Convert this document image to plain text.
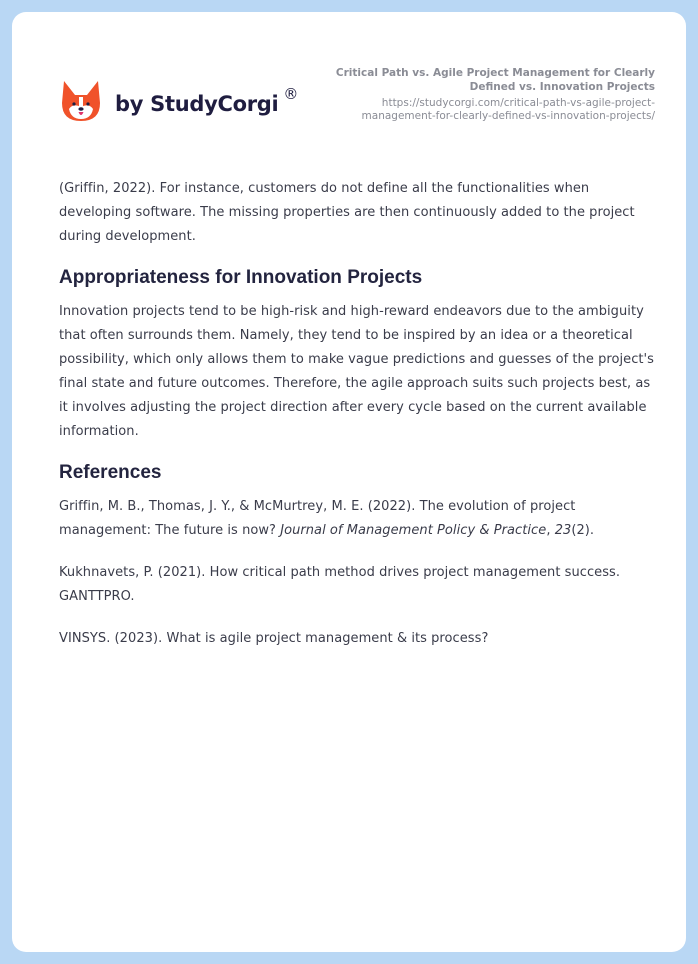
by StudyCorgi ®
Critical Path vs. Agile Project Management for Clearly Defined vs. Innovation Projects
https://studycorgi.com/critical-path-vs-agile-project-management-for-clearly-defined-vs-innovation-projects/

(Griffin, 2022). For instance, customers do not define all the functionalities when developing software. The missing properties are then continuously added to the project during development.

Appropriateness for Innovation Projects

Innovation projects tend to be high-risk and high-reward endeavors due to the ambiguity that often surrounds them. Namely, they tend to be inspired by an idea or a theoretical possibility, which only allows them to make vague predictions and guesses of the project's final state and future outcomes. Therefore, the agile approach suits such projects best, as it involves adjusting the project direction after every cycle based on the current available information.

References

Griffin, M. B., Thomas, J. Y., & McMurtrey, M. E. (2022). The evolution of project management: The future is now? Journal of Management Policy & Practice, 23(2).

Kukhnavets, P. (2021). How critical path method drives project management success. GANTTPRO.

VINSYS. (2023). What is agile project management & its process?
